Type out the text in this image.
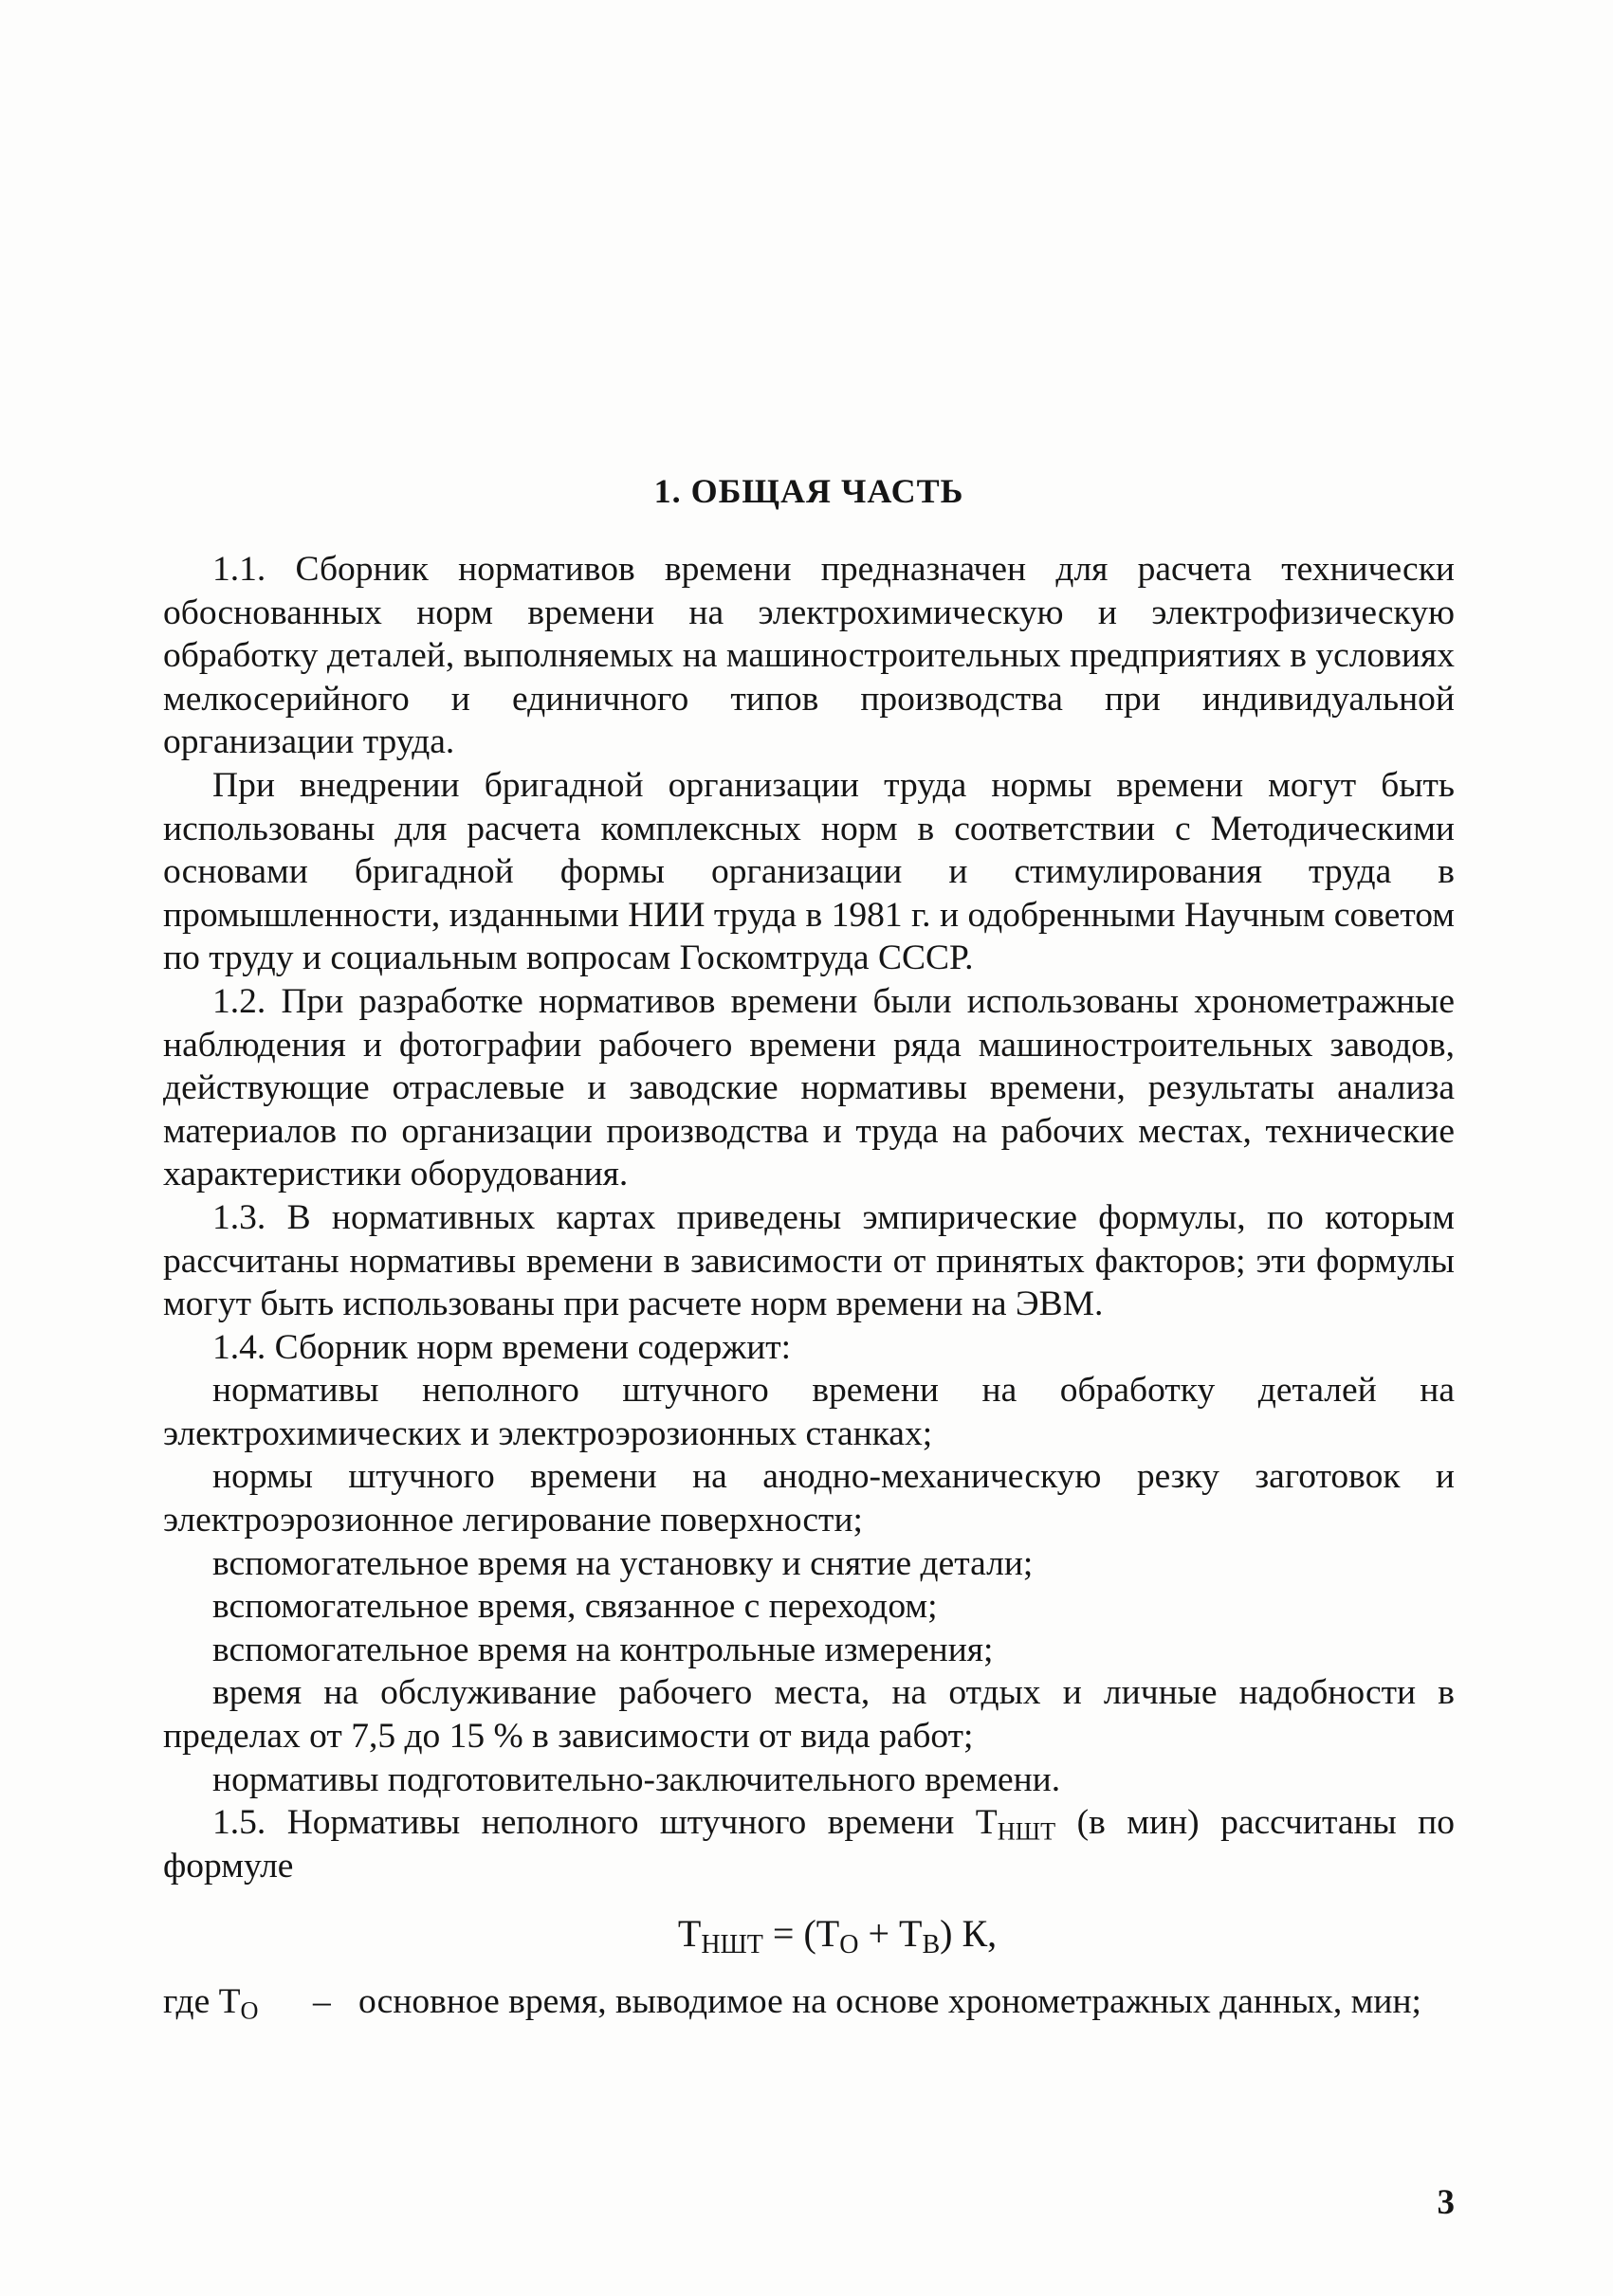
1. ОБЩАЯ ЧАСТЬ

1.1. Сборник нормативов времени предназначен для расчета технически обоснованных норм времени на электрохимическую и электрофизическую обработку деталей, выполняемых на машиностроительных предприятиях в условиях мелкосерийного и единичного типов производства при индивидуальной организации труда.

При внедрении бригадной организации труда нормы времени могут быть использованы для расчета комплексных норм в соответствии с Методическими основами бригадной формы организации и стимулирования труда в промышленности, изданными НИИ труда в 1981 г. и одобренными Научным советом по труду и социальным вопросам Госкомтруда СССР.

1.2. При разработке нормативов времени были использованы хронометражные наблюдения и фотографии рабочего времени ряда машиностроительных заводов, действующие отраслевые и заводские нормативы времени, результаты анализа материалов по организации производства и труда на рабочих местах, технические характеристики оборудования.

1.3. В нормативных картах приведены эмпирические формулы, по которым рассчитаны нормативы времени в зависимости от принятых факторов; эти формулы могут быть использованы при расчете норм времени на ЭВМ.

1.4. Сборник норм времени содержит:

нормативы неполного штучного времени на обработку деталей на электрохимических и электроэрозионных станках;

нормы штучного времени на анодно-механическую резку заготовок и электроэрозионное легирование поверхности;

вспомогательное время на установку и снятие детали;

вспомогательное время, связанное с переходом;

вспомогательное время на контрольные измерения;

время на обслуживание рабочего места, на отдых и личные надобности в пределах от 7,5 до 15 % в зависимости от вида работ;

нормативы подготовительно-заключительного времени.

1.5. Нормативы неполного штучного времени $Т_{НШТ}$ (в мин) рассчитаны по формуле

$Т_{НШТ} = (Т_О + Т_В)$ К,
где $Т_О$	– основное время, выводимое на основе хронометражных данных, мин;
3
